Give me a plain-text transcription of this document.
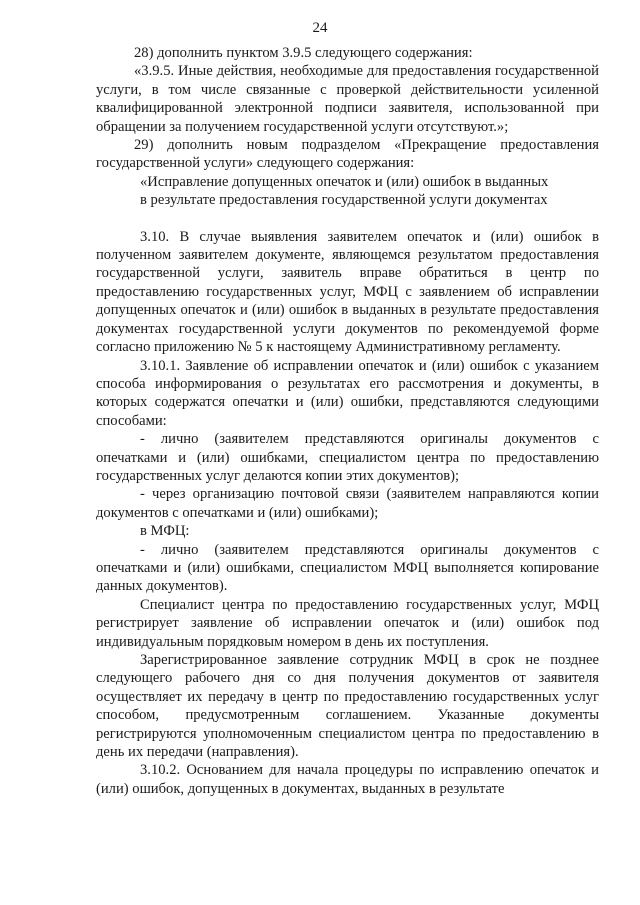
24

28) дополнить пунктом 3.9.5 следующего содержания:

«3.9.5. Иные действия, необходимые для предоставления государственной услуги, в том числе связанные с проверкой действительности усиленной квалифицированной электронной подписи заявителя, использованной при обращении за получением государственной услуги отсутствуют.»;

29) дополнить новым подразделом «Прекращение предоставления государственной услуги» следующего содержания:

«Исправление допущенных опечаток и (или) ошибок в выданных
в результате предоставления государственной услуги документах

3.10. В случае выявления заявителем опечаток и (или) ошибок в полученном заявителем документе, являющемся результатом предоставления государственной услуги, заявитель вправе обратиться в центр по предоставлению государственных услуг, МФЦ с заявлением об исправлении допущенных опечаток и (или) ошибок в выданных в результате предоставления документах государственной услуги документов по рекомендуемой форме согласно приложению № 5 к настоящему Административному регламенту.

3.10.1. Заявление об исправлении опечаток и (или) ошибок с указанием способа информирования о результатах его рассмотрения и документы, в которых содержатся опечатки и (или) ошибки, представляются следующими способами:

- лично (заявителем представляются оригиналы документов с опечатками и (или) ошибками, специалистом центра по предоставлению государственных услуг делаются копии этих документов);

- через организацию почтовой связи (заявителем направляются копии документов с опечатками и (или) ошибками);

в МФЦ:

- лично (заявителем представляются оригиналы документов с опечатками и (или) ошибками, специалистом МФЦ выполняется копирование данных документов).

Специалист центра по предоставлению государственных услуг, МФЦ регистрирует заявление об исправлении опечаток и (или) ошибок под индивидуальным порядковым номером в день их поступления.

Зарегистрированное заявление сотрудник МФЦ в срок не позднее следующего рабочего дня со дня получения документов от заявителя осуществляет их передачу в центр по предоставлению государственных услуг способом, предусмотренным соглашением. Указанные документы регистрируются уполномоченным специалистом центра по предоставлению в день их передачи (направления).

3.10.2. Основанием для начала процедуры по исправлению опечаток и (или) ошибок, допущенных в документах, выданных в результате
